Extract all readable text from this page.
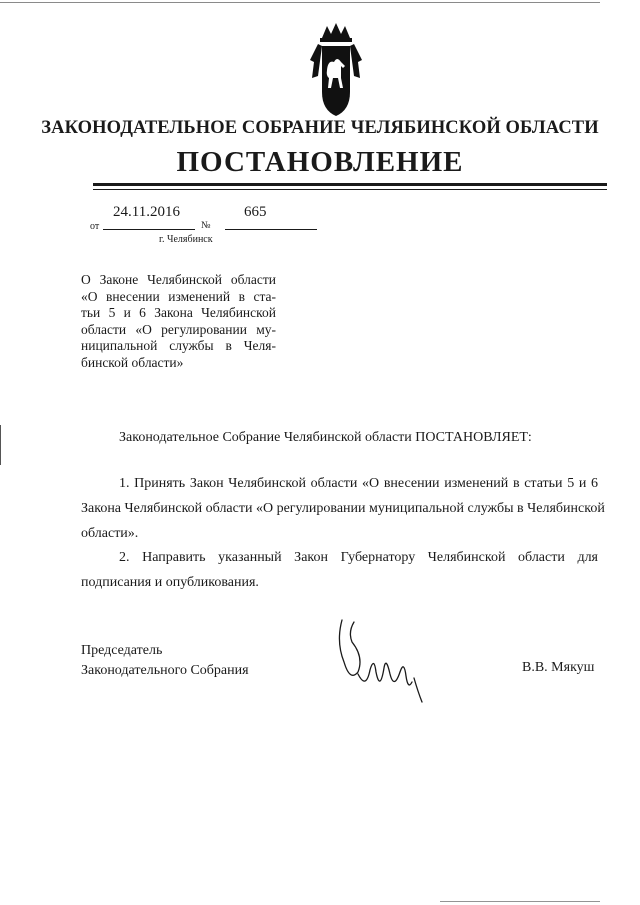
ЗАКОНОДАТЕЛЬНОЕ СОБРАНИЕ ЧЕЛЯБИНСКОЙ ОБЛАСТИ
ПОСТАНОВЛЕНИЕ
24.11.2016	665
от	№
г. Челябинск
О Законе Челябинской области
«О внесении изменений в ста-
тьи 5 и 6 Закона Челябинской
области «О регулировании му-
ниципальной службы в Челя-
бинской области»
Законодательное Собрание Челябинской области ПОСТАНОВЛЯЕТ:
1. Принять Закон Челябинской области «О внесении изменений в статьи 5 и 6
Закона Челябинской области «О регулировании муниципальной службы в Челябинской
области».
2. Направить указанный Закон Губернатору Челябинской области для
подписания и опубликования.
Председатель
Законодательного Собрания	В.В. Мякуш
